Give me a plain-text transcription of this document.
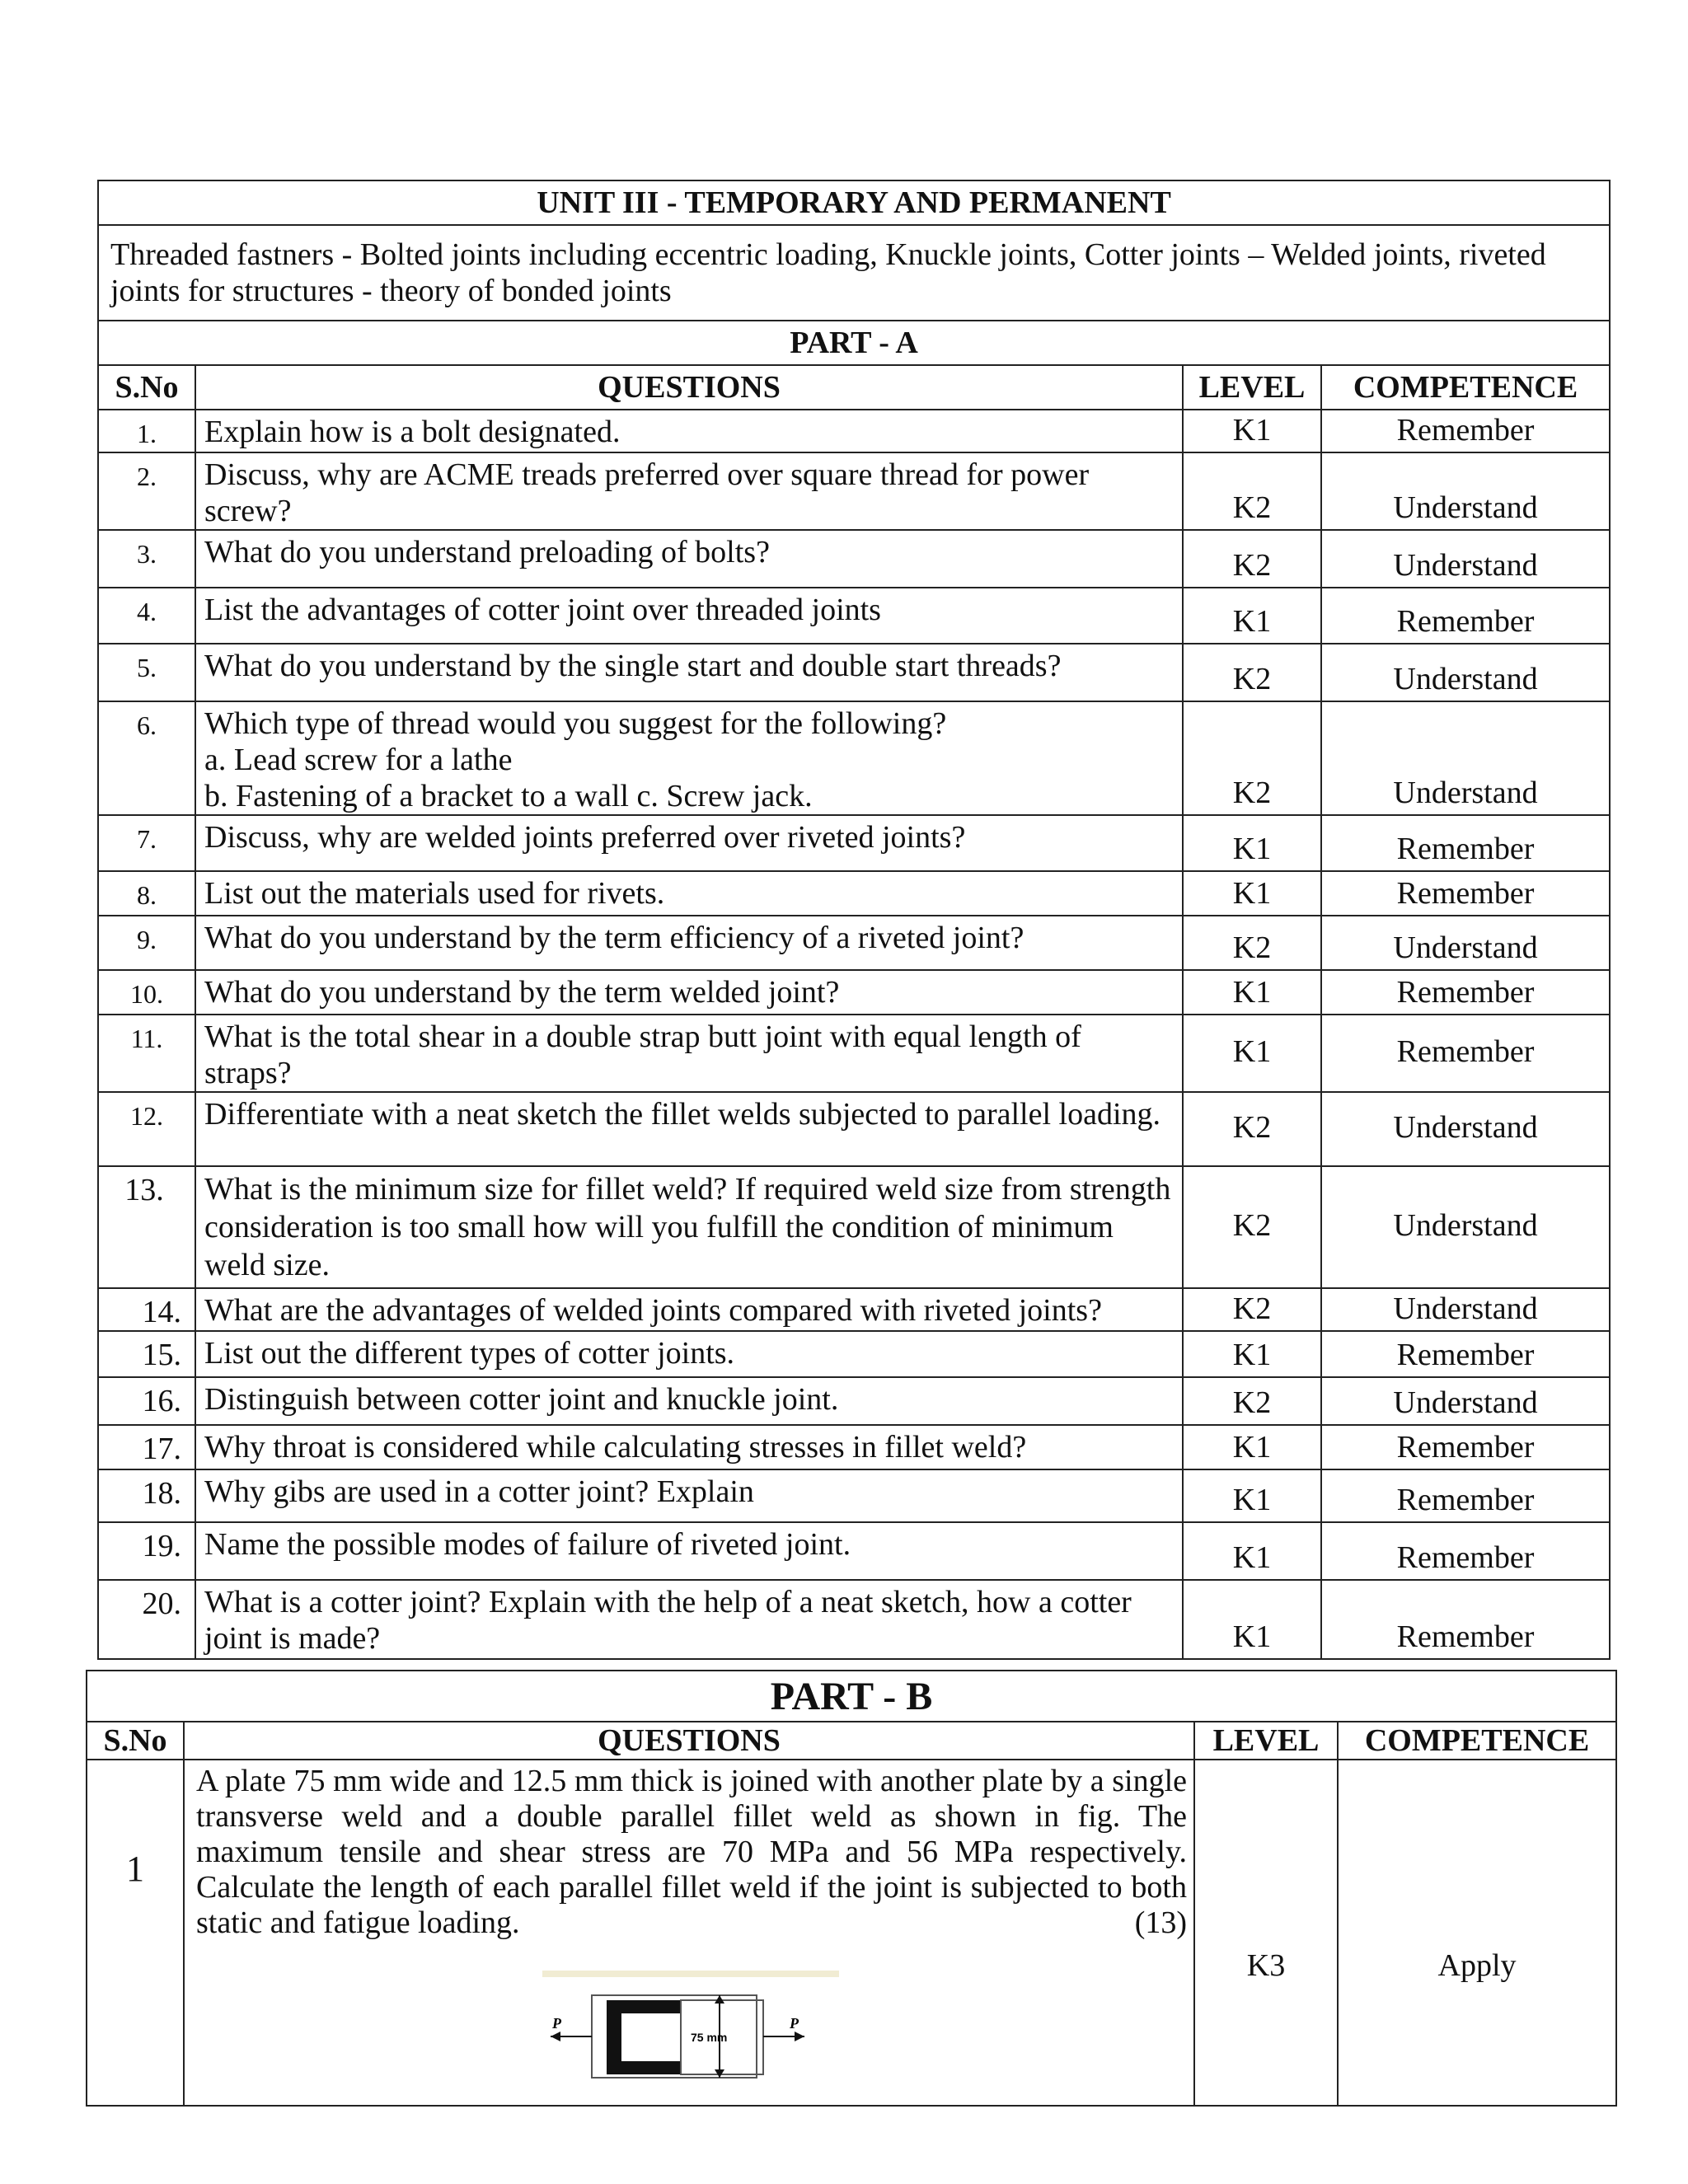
UNIT III - TEMPORARY AND PERMANENT			
Threaded fastners - Bolted joints including eccentric loading, Knuckle joints, Cotter joints – Welded joints, riveted joints for structures - theory of bonded joints			
PART - A			
S.No	QUESTIONS	LEVEL	COMPETENCE
1.	Explain how is a bolt designated.	K1	Remember
2.	Discuss, why are ACME treads preferred over square thread for power screw?	K2	Understand
3.	What do you understand preloading of bolts?	K2	Understand
4.	List the advantages of cotter joint over threaded joints	K1	Remember
5.	What do you understand by the single start and double start threads?	K2	Understand
6.	Which type of thread would you suggest for the following?
a. Lead screw for a lathe
b. Fastening of a bracket to a wall c. Screw jack.	K2	Understand
7.	Discuss, why are welded joints preferred over riveted joints?	K1	Remember
8.	List out the materials used for rivets.	K1	Remember
9.	What do you understand by the term efficiency of a riveted joint?	K2	Understand
10.	What do you understand by the term welded joint?	K1	Remember
11.	What is the total shear in a double strap butt joint with equal length of straps?	K1	Remember
12.	Differentiate with a neat sketch the fillet welds subjected to parallel loading.	K2	Understand
13.	What is the minimum size for fillet weld? If required weld size from strength consideration is too small how will you fulfill the condition of minimum weld size.	K2	Understand
14.	What are the advantages of welded joints compared with riveted joints?	K2	Understand
15.	List out the different types of cotter joints.	K1	Remember
16.	Distinguish between cotter joint and knuckle joint.	K2	Understand
17.	Why throat is considered while calculating stresses in fillet weld?	K1	Remember
18.	Why gibs are used in a cotter joint? Explain	K1	Remember
19.	Name the possible modes of failure of riveted joint.	K1	Remember
20.	What is a cotter joint? Explain with the help of a neat sketch, how a cotter joint is made?	K1	Remember
PART - B			
S.No	QUESTIONS	LEVEL	COMPETENCE
1	A plate 75 mm wide and 12.5 mm thick is joined with another plate by a single transverse weld and a double parallel fillet weld as shown in fig. The maximum tensile and shear stress are 70 MPa and 56 MPa respectively. Calculate the length of each parallel fillet weld if the joint is subjected to both static and fatigue loading. (13)
75 mm
P P	K3	Apply
